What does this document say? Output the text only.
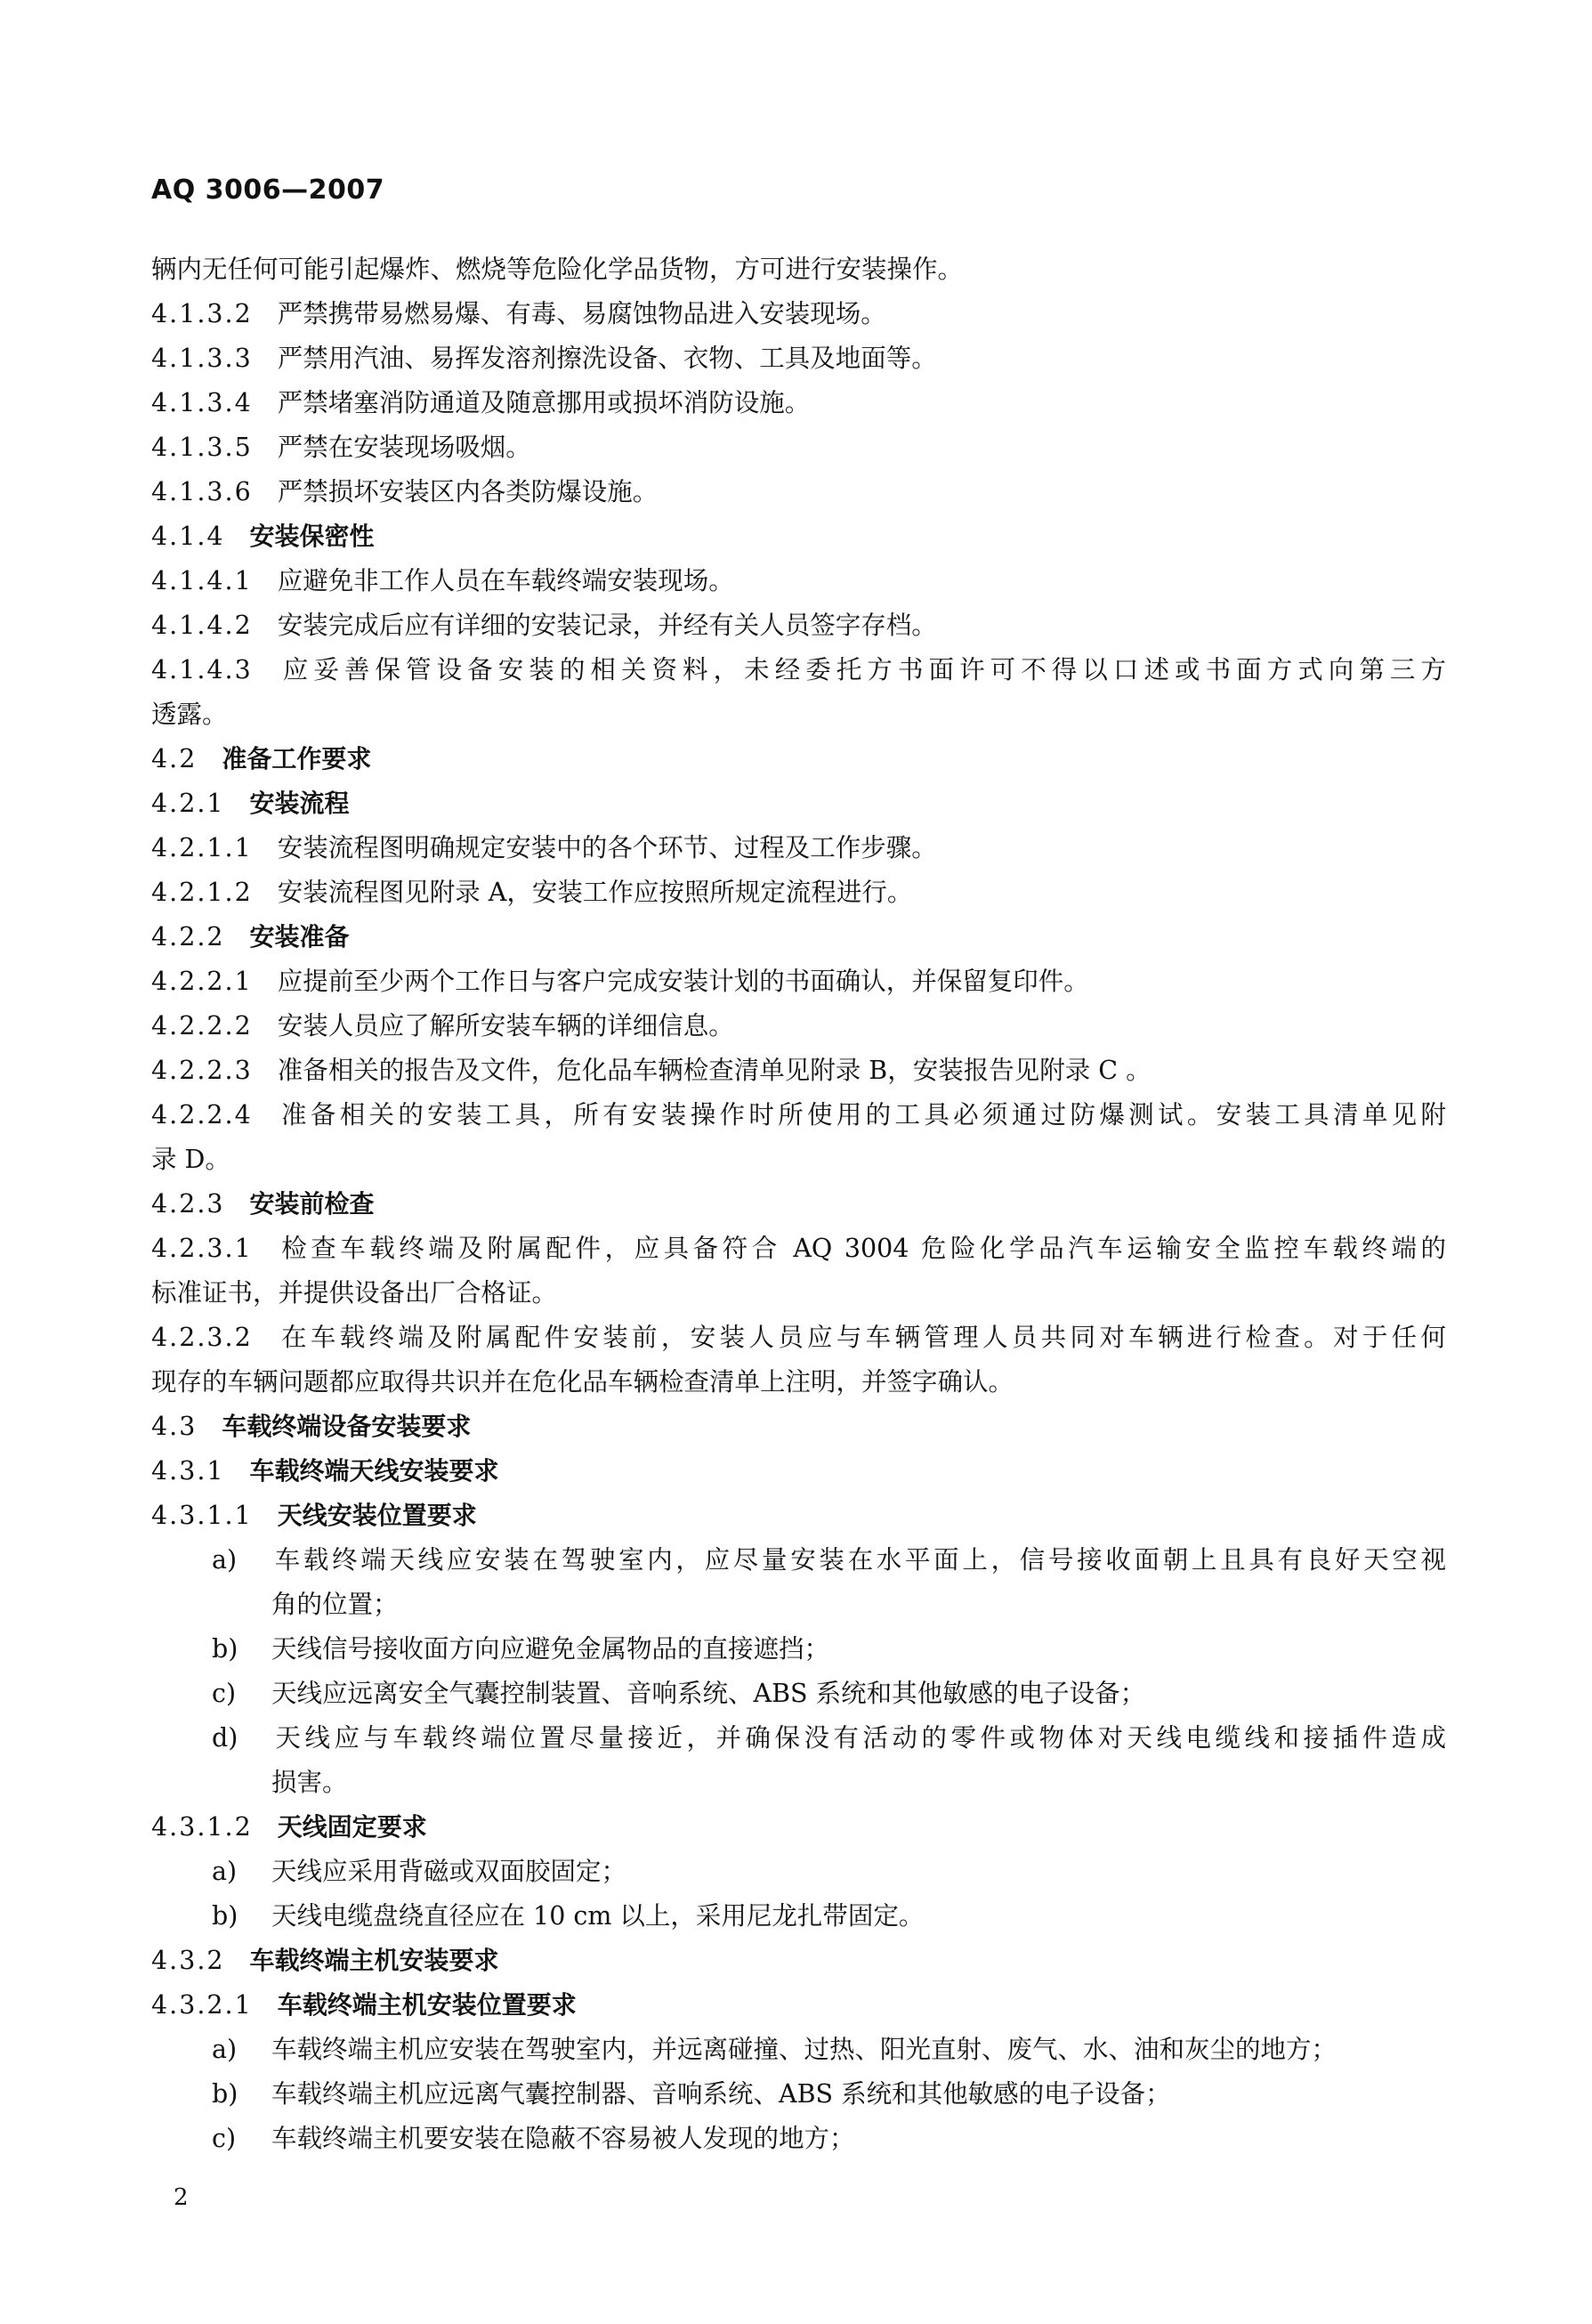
AQ 3006—2007
辆内无任何可能引起爆炸、燃烧等危险化学品货物，方可进行安装操作。
4.1.3.2 严禁携带易燃易爆、有毒、易腐蚀物品进入安装现场。
4.1.3.3 严禁用汽油、易挥发溶剂擦洗设备、衣物、工具及地面等。
4.1.3.4 严禁堵塞消防通道及随意挪用或损坏消防设施。
4.1.3.5 严禁在安装现场吸烟。
4.1.3.6 严禁损坏安装区内各类防爆设施。
4.1.4 安装保密性
4.1.4.1 应避免非工作人员在车载终端安装现场。
4.1.4.2 安装完成后应有详细的安装记录，并经有关人员签字存档。
4.1.4.3 应妥善保管设备安装的相关资料，未经委托方书面许可不得以口述或书面方式向第三方
透露。
4.2 准备工作要求
4.2.1 安装流程
4.2.1.1 安装流程图明确规定安装中的各个环节、过程及工作步骤。
4.2.1.2 安装流程图见附录 A，安装工作应按照所规定流程进行。
4.2.2 安装准备
4.2.2.1 应提前至少两个工作日与客户完成安装计划的书面确认，并保留复印件。
4.2.2.2 安装人员应了解所安装车辆的详细信息。
4.2.2.3 准备相关的报告及文件，危化品车辆检查清单见附录 B，安装报告见附录 C 。
4.2.2.4 准备相关的安装工具，所有安装操作时所使用的工具必须通过防爆测试。安装工具清单见附
录 D。
4.2.3 安装前检查
4.2.3.1 检查车载终端及附属配件，应具备符合 AQ 3004 危险化学品汽车运输安全监控车载终端的
标准证书，并提供设备出厂合格证。
4.2.3.2 在车载终端及附属配件安装前，安装人员应与车辆管理人员共同对车辆进行检查。对于任何
现存的车辆问题都应取得共识并在危化品车辆检查清单上注明，并签字确认。
4.3 车载终端设备安装要求
4.3.1 车载终端天线安装要求
4.3.1.1 天线安装位置要求
a) 车载终端天线应安装在驾驶室内，应尽量安装在水平面上，信号接收面朝上且具有良好天空视
角的位置；
b) 天线信号接收面方向应避免金属物品的直接遮挡；
c) 天线应远离安全气囊控制装置、音响系统、ABS 系统和其他敏感的电子设备；
d) 天线应与车载终端位置尽量接近，并确保没有活动的零件或物体对天线电缆线和接插件造成
损害。
4.3.1.2 天线固定要求
a) 天线应采用背磁或双面胶固定；
b) 天线电缆盘绕直径应在 10 cm 以上，采用尼龙扎带固定。
4.3.2 车载终端主机安装要求
4.3.2.1 车载终端主机安装位置要求
a) 车载终端主机应安装在驾驶室内，并远离碰撞、过热、阳光直射、废气、水、油和灰尘的地方；
b) 车载终端主机应远离气囊控制器、音响系统、ABS 系统和其他敏感的电子设备；
c) 车载终端主机要安装在隐蔽不容易被人发现的地方；
2
